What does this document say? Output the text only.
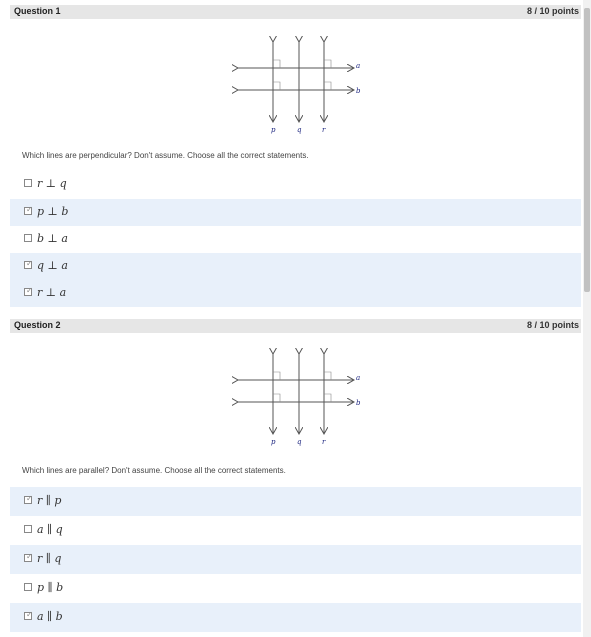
Question 1	8 / 10 points
a
b
p	q	r
Which lines are perpendicular? Don't assume. Choose all the correct statements.
r ⊥ q
✓ p ⊥ b
b ⊥ a
✓ q ⊥ a
✓ r ⊥ a
Question 2	8 / 10 points
a
b
p	q	r
Which lines are parallel? Don't assume. Choose all the correct statements.
✓ r ∥ p
a ∥ q
✓ r ∥ q
p ∥ b
✓ a ∥ b
